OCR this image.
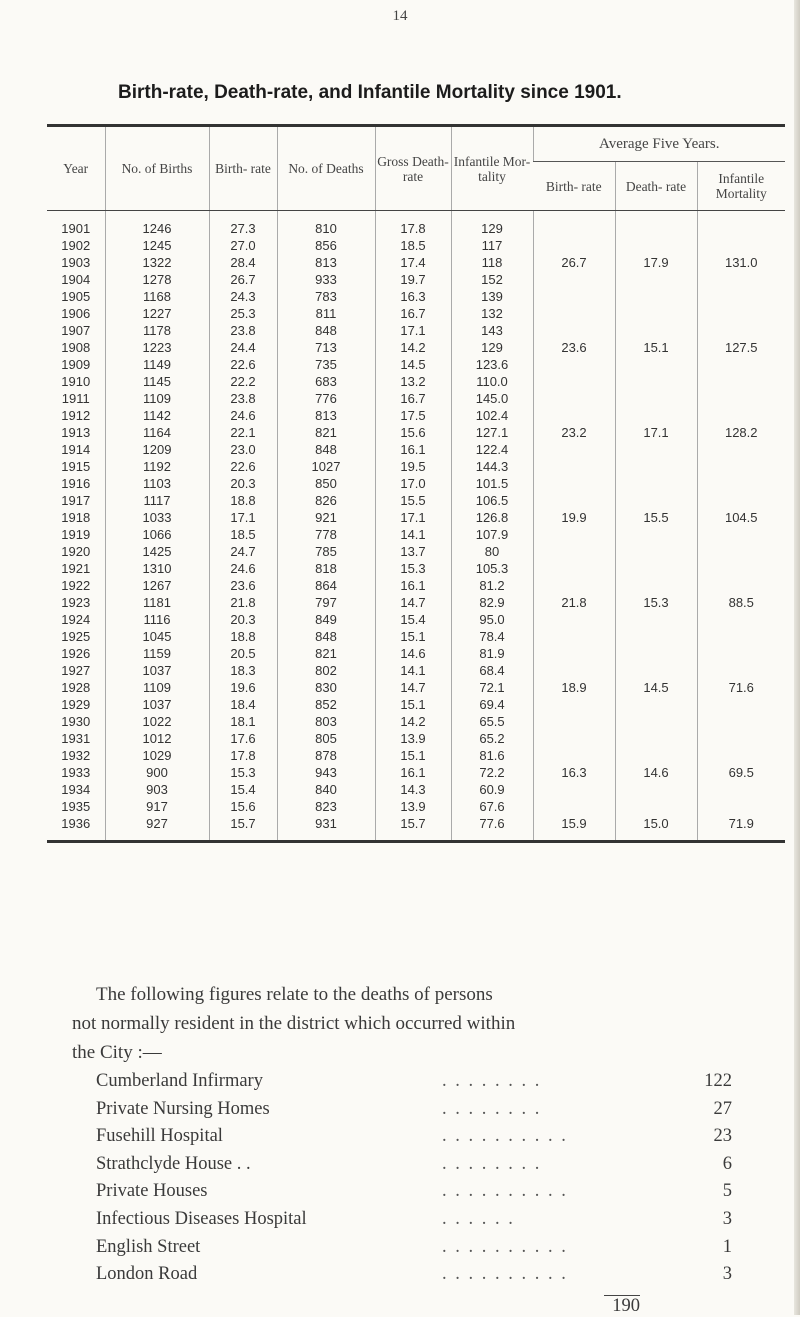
14
Birth-rate, Death-rate, and Infantile Mortality since 1901.
Year	No. of Births	Birth- rate	No. of Deaths	Gross Death- rate	Infantile Mor- tality	Average Five Years.		
						Birth- rate	Death- rate	Infantile Mortality
1901	1246	27.3	810	17.8	129			
1902	1245	27.0	856	18.5	117			
1903	1322	28.4	813	17.4	118	26.7	17.9	131.0
1904	1278	26.7	933	19.7	152			
1905	1168	24.3	783	16.3	139			
1906	1227	25.3	811	16.7	132			
1907	1178	23.8	848	17.1	143			
1908	1223	24.4	713	14.2	129	23.6	15.1	127.5
1909	1149	22.6	735	14.5	123.6			
1910	1145	22.2	683	13.2	110.0			
1911	1109	23.8	776	16.7	145.0			
1912	1142	24.6	813	17.5	102.4			
1913	1164	22.1	821	15.6	127.1	23.2	17.1	128.2
1914	1209	23.0	848	16.1	122.4			
1915	1192	22.6	1027	19.5	144.3			
1916	1103	20.3	850	17.0	101.5			
1917	1117	18.8	826	15.5	106.5			
1918	1033	17.1	921	17.1	126.8	19.9	15.5	104.5
1919	1066	18.5	778	14.1	107.9			
1920	1425	24.7	785	13.7	80			
1921	1310	24.6	818	15.3	105.3			
1922	1267	23.6	864	16.1	81.2			
1923	1181	21.8	797	14.7	82.9	21.8	15.3	88.5
1924	1116	20.3	849	15.4	95.0			
1925	1045	18.8	848	15.1	78.4			
1926	1159	20.5	821	14.6	81.9			
1927	1037	18.3	802	14.1	68.4			
1928	1109	19.6	830	14.7	72.1	18.9	14.5	71.6
1929	1037	18.4	852	15.1	69.4			
1930	1022	18.1	803	14.2	65.5			
1931	1012	17.6	805	13.9	65.2			
1932	1029	17.8	878	15.1	81.6			
1933	900	15.3	943	16.1	72.2	16.3	14.6	69.5
1934	903	15.4	840	14.3	60.9			
1935	917	15.6	823	13.9	67.6			
1936	927	15.7	931	15.7	77.6	15.9	15.0	71.9
The following figures relate to the deaths of persons
not normally resident in the district which occurred within
the City :—
Cumberland Infirmary	. . . . . . . .	122
Private Nursing Homes	. . . . . . . .	27
Fusehill Hospital	. . . . . . . . . .	23
Strathclyde House . .	. . . . . . . .	6
Private Houses	. . . . . . . . . .	5
Infectious Diseases Hospital	. . . . . .	3
English Street	. . . . . . . . . .	1
London Road	. . . . . . . . . .	3
190
